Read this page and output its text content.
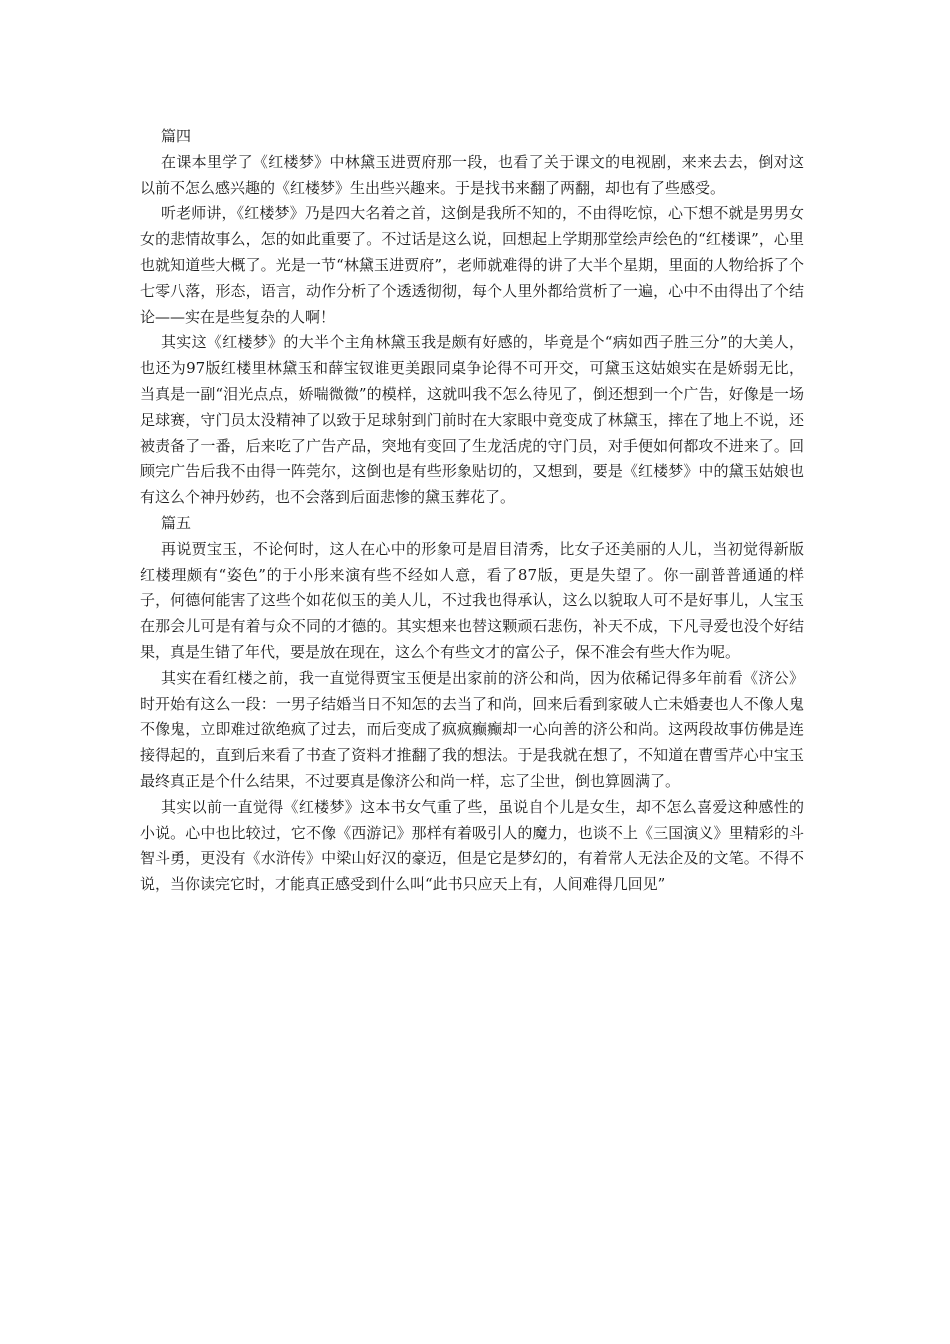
篇四

在课本里学了《红楼梦》中林黛玉进贾府那一段，也看了关于课文的电视剧，来来去去，倒对这以前不怎么感兴趣的《红楼梦》生出些兴趣来。于是找书来翻了两翻，却也有了些感受。

听老师讲，《红楼梦》乃是四大名着之首，这倒是我所不知的，不由得吃惊，心下想不就是男男女女的悲情故事么，怎的如此重要了。不过话是这么说，回想起上学期那堂绘声绘色的“红楼课”，心里也就知道些大概了。光是一节“林黛玉进贾府”，老师就难得的讲了大半个星期，里面的人物给拆了个七零八落，形态，语言，动作分析了个透透彻彻，每个人里外都给赏析了一遍，心中不由得出了个结论——实在是些复杂的人啊！

其实这《红楼梦》的大半个主角林黛玉我是颇有好感的，毕竟是个“病如西子胜三分”的大美人，也还为97版红楼里林黛玉和薛宝钗谁更美跟同桌争论得不可开交，可黛玉这姑娘实在是娇弱无比，当真是一副“泪光点点，娇喘微微”的模样，这就叫我不怎么待见了，倒还想到一个广告，好像是一场足球赛，守门员太没精神了以致于足球射到门前时在大家眼中竟变成了林黛玉，摔在了地上不说，还被责备了一番，后来吃了广告产品，突地有变回了生龙活虎的守门员，对手便如何都攻不进来了。回顾完广告后我不由得一阵莞尔，这倒也是有些形象贴切的，又想到，要是《红楼梦》中的黛玉姑娘也有这么个神丹妙药，也不会落到后面悲惨的黛玉葬花了。

篇五

再说贾宝玉，不论何时，这人在心中的形象可是眉目清秀，比女子还美丽的人儿，当初觉得新版红楼理颇有“姿色”的于小彤来演有些不经如人意，看了87版，更是失望了。你一副普普通通的样子，何德何能害了这些个如花似玉的美人儿，不过我也得承认，这么以貌取人可不是好事儿，人宝玉在那会儿可是有着与众不同的才德的。其实想来也替这颗顽石悲伤，补天不成，下凡寻爱也没个好结果，真是生错了年代，要是放在现在，这么个有些文才的富公子，保不准会有些大作为呢。

其实在看红楼之前，我一直觉得贾宝玉便是出家前的济公和尚，因为依稀记得多年前看《济公》时开始有这么一段：一男子结婚当日不知怎的去当了和尚，回来后看到家破人亡未婚妻也人不像人鬼不像鬼，立即难过欲绝疯了过去，而后变成了疯疯癫癫却一心向善的济公和尚。这两段故事仿佛是连接得起的，直到后来看了书查了资料才推翻了我的想法。于是我就在想了，不知道在曹雪芹心中宝玉最终真正是个什么结果，不过要真是像济公和尚一样，忘了尘世，倒也算圆满了。

其实以前一直觉得《红楼梦》这本书女气重了些，虽说自个儿是女生，却不怎么喜爱这种感性的小说。心中也比较过，它不像《西游记》那样有着吸引人的魔力，也谈不上《三国演义》里精彩的斗智斗勇，更没有《水浒传》中梁山好汉的豪迈，但是它是梦幻的，有着常人无法企及的文笔。不得不说，当你读完它时，才能真正感受到什么叫“此书只应天上有，人间难得几回见”
